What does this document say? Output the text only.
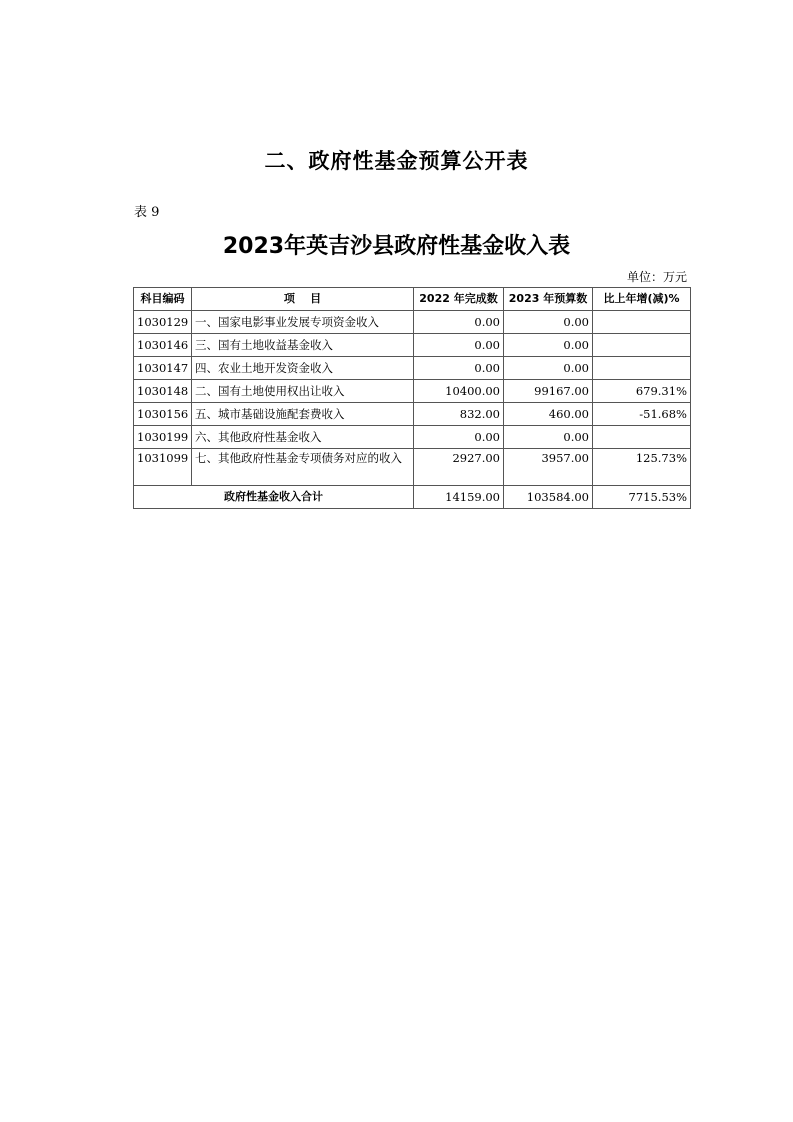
二、政府性基金预算公开表
表 9
2023年英吉沙县政府性基金收入表
单位：万元
科目编码	项    目	2022 年完成数	2023 年预算数	比上年增(减)%
1030129	一、国家电影事业发展专项资金收入	0.00	0.00	
1030146	三、国有土地收益基金收入	0.00	0.00	
1030147	四、农业土地开发资金收入	0.00	0.00	
1030148	二、国有土地使用权出让收入	10400.00	99167.00	679.31%
1030156	五、城市基础设施配套费收入	832.00	460.00	-51.68%
1030199	六、其他政府性基金收入	0.00	0.00	
1031099	七、其他政府性基金专项债务对应的收入	2927.00	3957.00	125.73%
政府性基金收入合计		14159.00	103584.00	7715.53%
